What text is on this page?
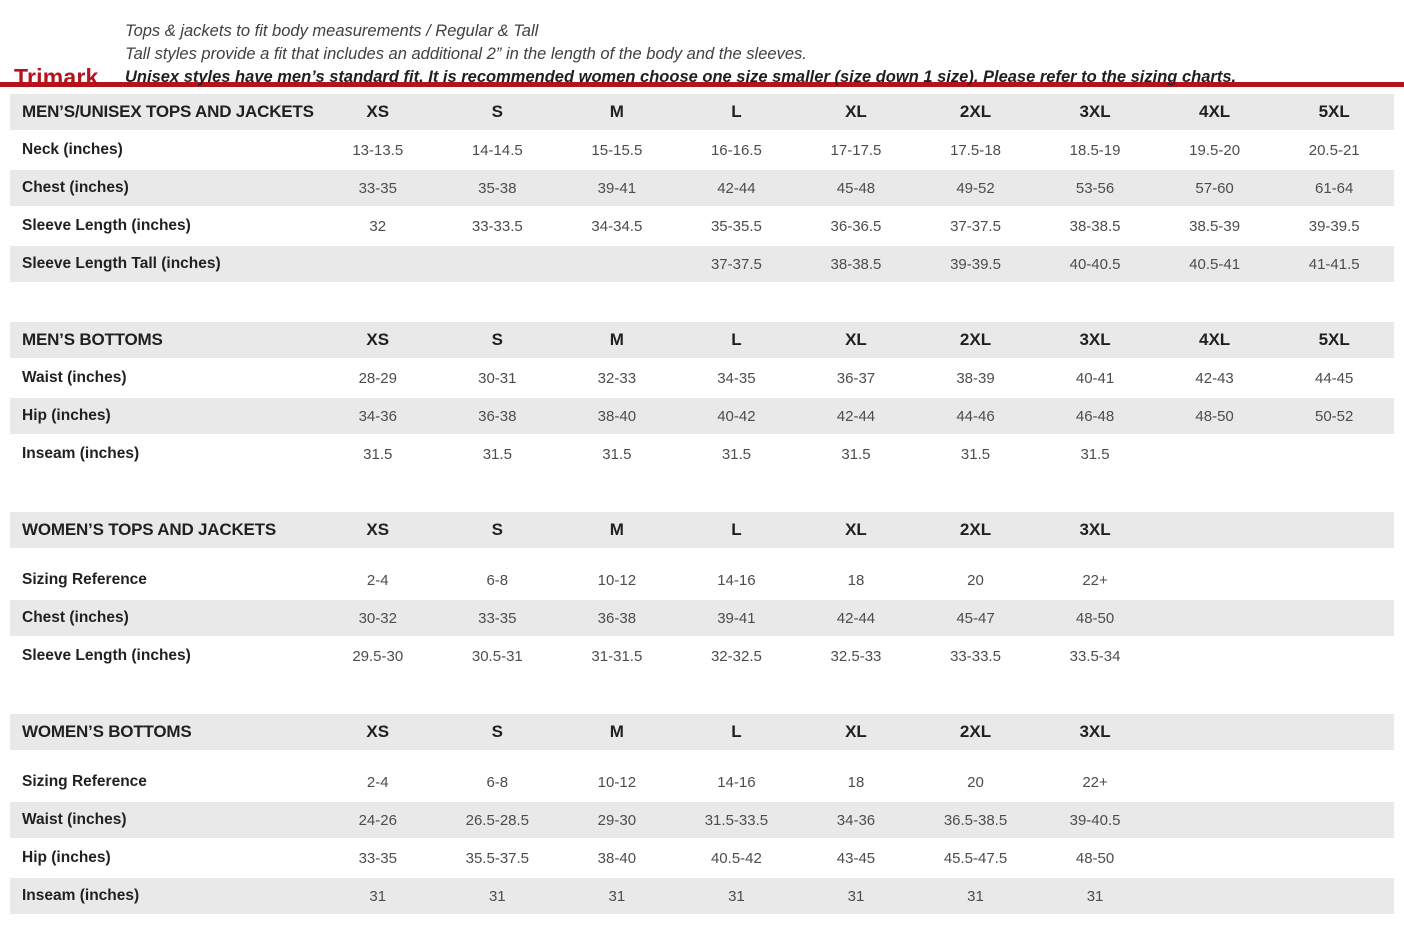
Trimark

Tops & jackets to fit body measurements / Regular & Tall

Tall styles provide a fit that includes an additional 2” in the length of the body and the sleeves.

Unisex styles have men’s standard fit. It is recommended women choose one size smaller (size down 1 size). Please refer to the sizing charts.

MEN’S/UNISEX TOPS AND JACKETS	XS	S	M	L	XL	2XL	3XL	4XL	5XL
Neck (inches)	13-13.5	14-14.5	15-15.5	16-16.5	17-17.5	17.5-18	18.5-19	19.5-20	20.5-21
Chest (inches)	33-35	35-38	39-41	42-44	45-48	49-52	53-56	57-60	61-64
Sleeve Length (inches)	32	33-33.5	34-34.5	35-35.5	36-36.5	37-37.5	38-38.5	38.5-39	39-39.5
Sleeve Length Tall (inches)				37-37.5	38-38.5	39-39.5	40-40.5	40.5-41	41-41.5
MEN’S BOTTOMS	XS	S	M	L	XL	2XL	3XL	4XL	5XL
Waist (inches)	28-29	30-31	32-33	34-35	36-37	38-39	40-41	42-43	44-45
Hip (inches)	34-36	36-38	38-40	40-42	42-44	44-46	46-48	48-50	50-52
Inseam (inches)	31.5	31.5	31.5	31.5	31.5	31.5	31.5		
WOMEN’S TOPS AND JACKETS	XS	S	M	L	XL	2XL	3XL		

Sizing Reference	2-4	6-8	10-12	14-16	18	20	22+		
Chest (inches)	30-32	33-35	36-38	39-41	42-44	45-47	48-50		
Sleeve Length (inches)	29.5-30	30.5-31	31-31.5	32-32.5	32.5-33	33-33.5	33.5-34		
WOMEN’S BOTTOMS	XS	S	M	L	XL	2XL	3XL		

Sizing Reference	2-4	6-8	10-12	14-16	18	20	22+		
Waist (inches)	24-26	26.5-28.5	29-30	31.5-33.5	34-36	36.5-38.5	39-40.5		
Hip (inches)	33-35	35.5-37.5	38-40	40.5-42	43-45	45.5-47.5	48-50		
Inseam (inches)	31	31	31	31	31	31	31		
